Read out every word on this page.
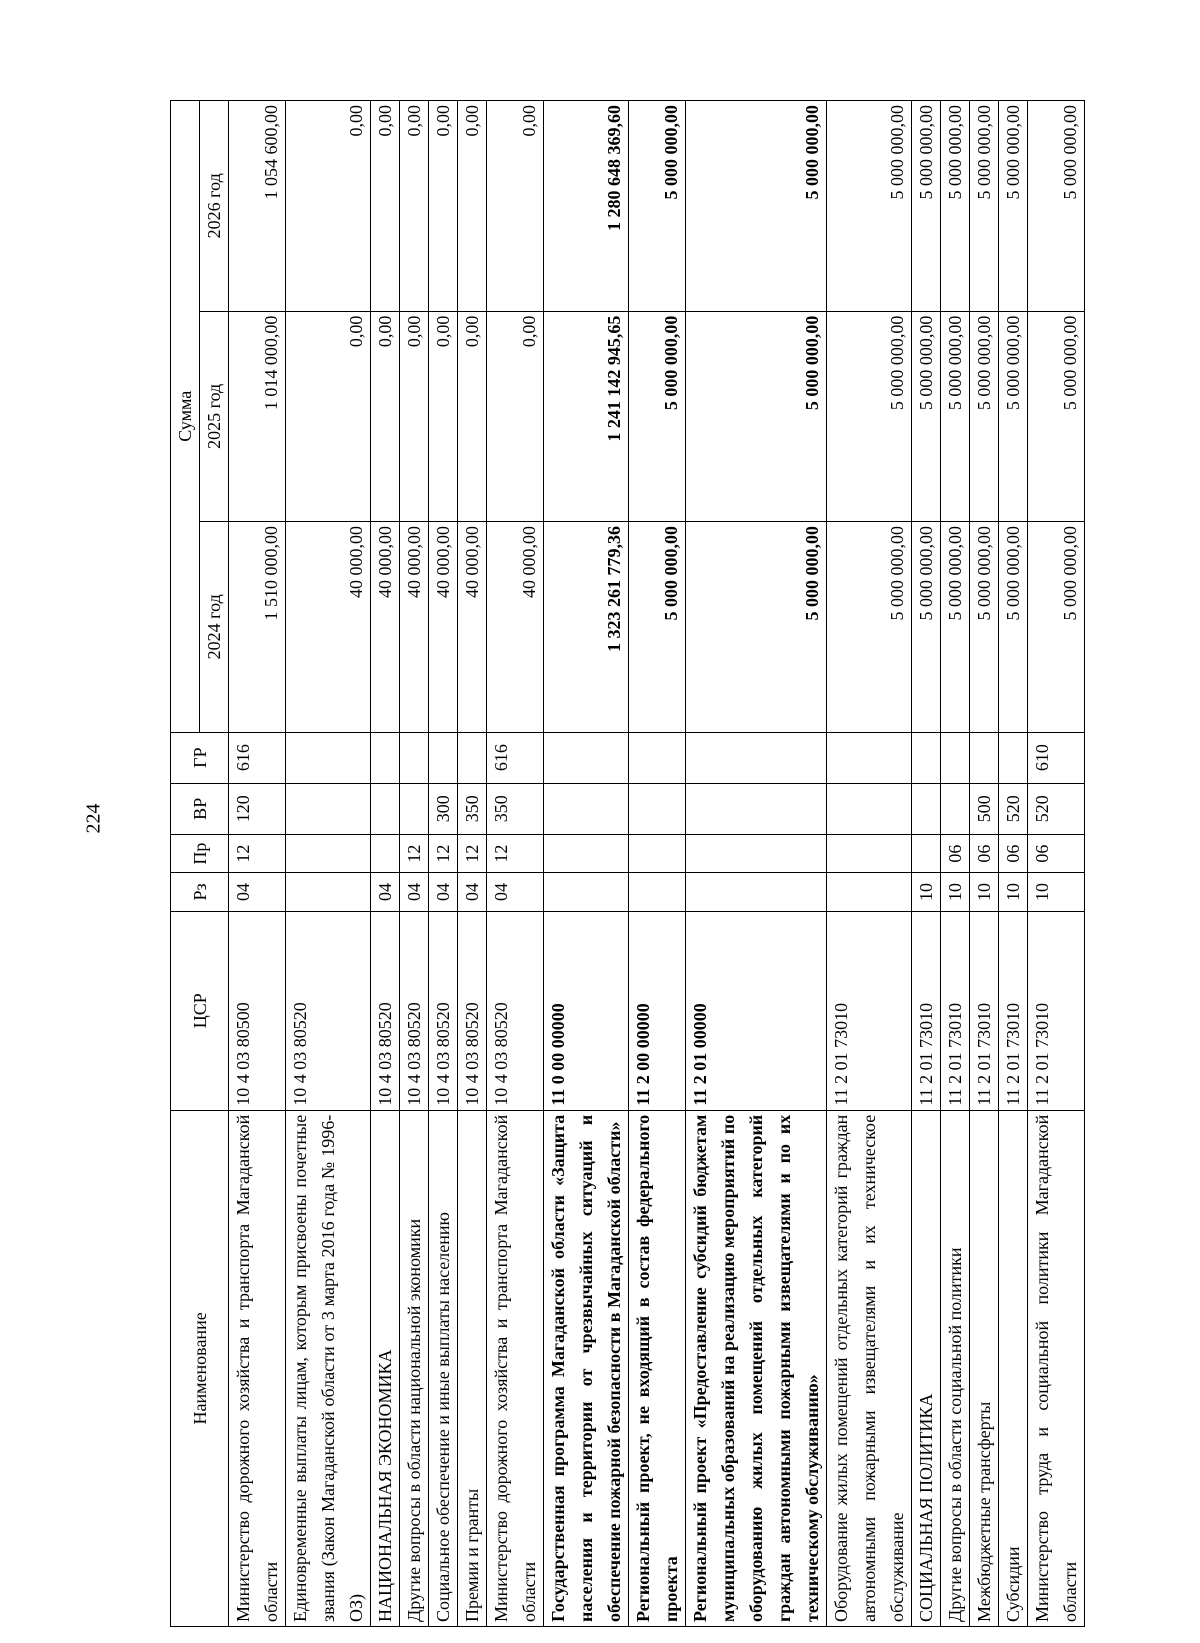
224
Наименование	ЦСР	Рз	Пр	ВР	ГР	Сумма		
						2024 год	2025 год	2026 год
Министерство дорожного хозяйства и транспорта Магаданской области	10 4 03 80500	04	12	120	616	1 510 000,00	1 014 000,00	1 054 600,00
Единовременные выплаты лицам, которым присвоены почетные звания (Закон Магаданской области от 3 марта 2016 года № 1996-ОЗ)	10 4 03 80520					40 000,00	0,00	0,00
НАЦИОНАЛЬНАЯ ЭКОНОМИКА	10 4 03 80520	04				40 000,00	0,00	0,00
Другие вопросы в области национальной экономики	10 4 03 80520	04	12			40 000,00	0,00	0,00
Социальное обеспечение и иные выплаты населению	10 4 03 80520	04	12	300		40 000,00	0,00	0,00
Премии и гранты	10 4 03 80520	04	12	350		40 000,00	0,00	0,00
Министерство дорожного хозяйства и транспорта Магаданской области	10 4 03 80520	04	12	350	616	40 000,00	0,00	0,00
Государственная программа Магаданской области «Защита населения и территории от чрезвычайных ситуаций и обеспечение пожарной безопасности в Магаданской области»	11 0 00 00000					1 323 261 779,36	1 241 142 945,65	1 280 648 369,60
Региональный проект, не входящий в состав федерального проекта	11 2 00 00000					5 000 000,00	5 000 000,00	5 000 000,00
Региональный проект «Предоставление субсидий бюджетам муниципальных образований на реализацию мероприятий по оборудованию жилых помещений отдельных категорий граждан автономными пожарными извещателями и по их техническому обслуживанию»	11 2 01 00000					5 000 000,00	5 000 000,00	5 000 000,00
Оборудование жилых помещений отдельных категорий граждан автономными пожарными извещателями и их техническое обслуживание	11 2 01 73010					5 000 000,00	5 000 000,00	5 000 000,00
СОЦИАЛЬНАЯ ПОЛИТИКА	11 2 01 73010	10				5 000 000,00	5 000 000,00	5 000 000,00
Другие вопросы в области социальной политики	11 2 01 73010	10	06			5 000 000,00	5 000 000,00	5 000 000,00
Межбюджетные трансферты	11 2 01 73010	10	06	500		5 000 000,00	5 000 000,00	5 000 000,00
Субсидии	11 2 01 73010	10	06	520		5 000 000,00	5 000 000,00	5 000 000,00
Министерство труда и социальной политики Магаданской области	11 2 01 73010	10	06	520	610	5 000 000,00	5 000 000,00	5 000 000,00
